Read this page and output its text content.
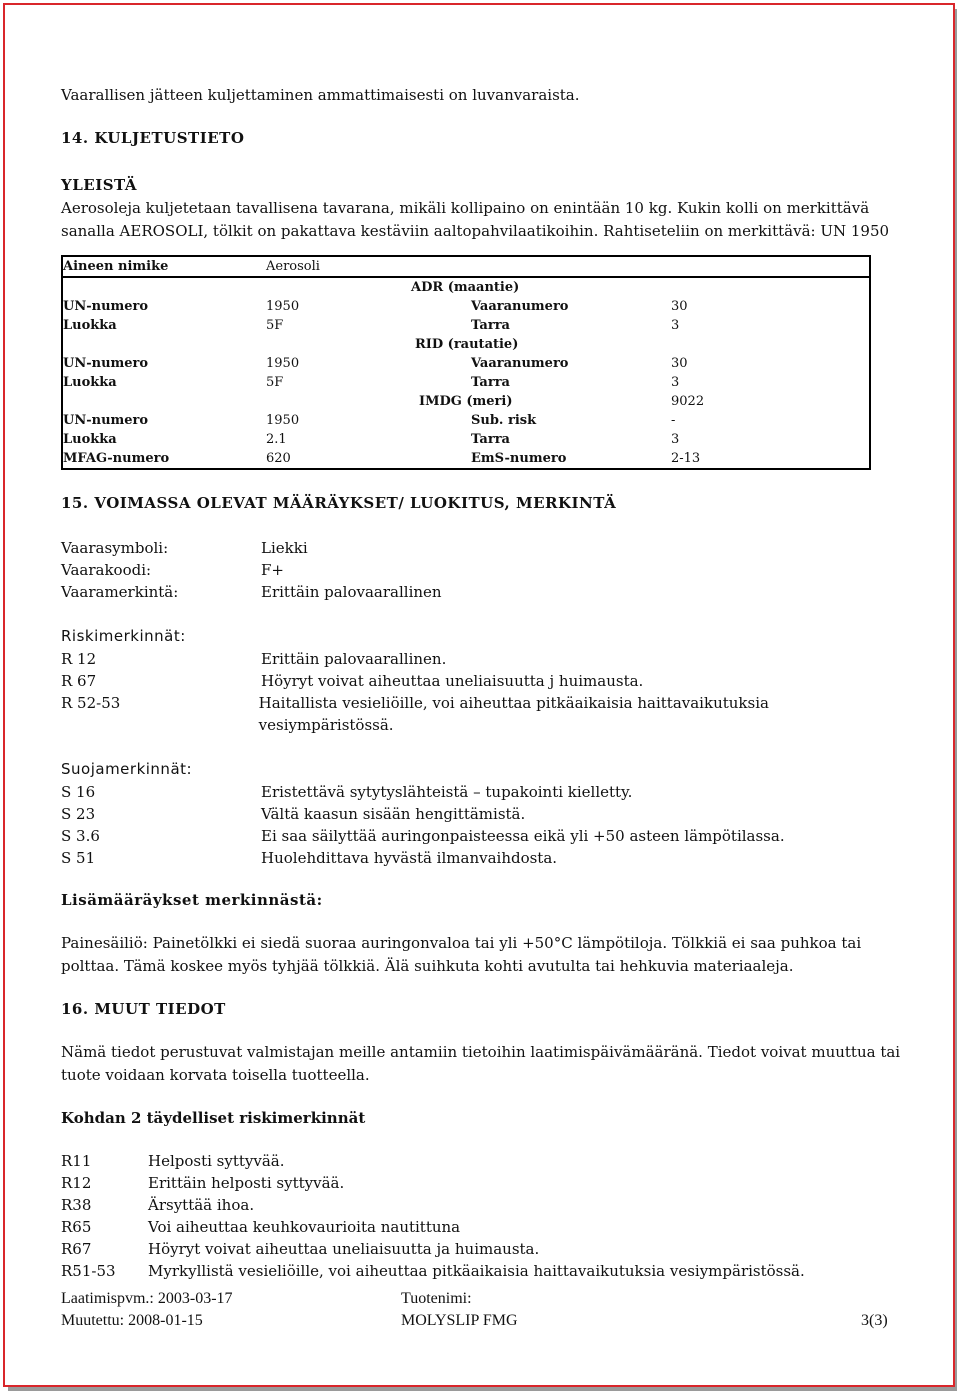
Vaarallisen jätteen kuljettaminen ammattimaisesti on luvanvaraista.

14. KULJETUSTIETO

YLEISTÄ

Aerosoleja kuljetetaan tavallisena tavarana, mikäli kollipaino on enintään 10 kg. Kukin kolli on merkittävä sanalla AEROSOLI, tölkit on pakattava kestäviin aaltopahvilaatikoihin. Rahtiseteliin on merkittävä: UN 1950

Aineen nimike	Aerosoli		
		ADR (maantie)	
UN-numero	1950	Vaaranumero	30
Luokka	5F	Tarra	3
		RID (rautatie)	
UN-numero	1950	Vaaranumero	30
Luokka	5F	Tarra	3
		IMDG (meri)	9022
UN-numero	1950	Sub. risk	-
Luokka	2.1	Tarra	3
MFAG-numero	620	EmS-numero	2-13

15. VOIMASSA OLEVAT MÄÄRÄYKSET/ LUOKITUS, MERKINTÄ

Vaarasymboli:	Liekki
Vaarakoodi:	F+
Vaaramerkintä:	Erittäin palovaarallinen

Riskimerkinnät:

R 12	Erittäin palovaarallinen.
R 67	Höyryt voivat aiheuttaa uneliaisuutta j huimausta.
R 52-53	Haitallista vesieliöille, voi aiheuttaa pitkäaikaisia haittavaikutuksia vesiympäristössä.

Suojamerkinnät:

S 16	Eristettävä sytytyslähteistä – tupakointi kielletty.
S 23	Vältä kaasun sisään hengittämistä.
S 3.6	Ei saa säilyttää auringonpaisteessa eikä yli +50 asteen lämpötilassa.
S 51	Huolehdittava hyvästä ilmanvaihdosta.

Lisämääräykset merkinnästä:

Painesäiliö: Painetölkki ei siedä suoraa auringonvaloa tai yli +50°C lämpötiloja. Tölkkiä ei saa puhkoa tai polttaa. Tämä koskee myös tyhjää tölkkiä. Älä suihkuta kohti avutulta tai hehkuvia materiaaleja.

16. MUUT TIEDOT

Nämä tiedot perustuvat valmistajan meille antamiin tietoihin laatimispäivämääränä. Tiedot voivat muuttua tai tuote voidaan korvata toisella tuotteella.

Kohdan 2 täydelliset riskimerkinnät

R11	Helposti syttyvää.
R12	Erittäin helposti syttyvää.
R38	Ärsyttää ihoa.
R65	Voi aiheuttaa keuhkovaurioita nautittuna
R67	Höyryt voivat aiheuttaa uneliaisuutta ja huimausta.
R51-53	Myrkyllistä vesieliöille, voi aiheuttaa pitkäaikaisia haittavaikutuksia vesiympäristössä.
Laatimispvm.: 2003-03-17	Tuotenimi:
Muutettu: 2008-01-15	MOLYSLIP FMG	3(3)
